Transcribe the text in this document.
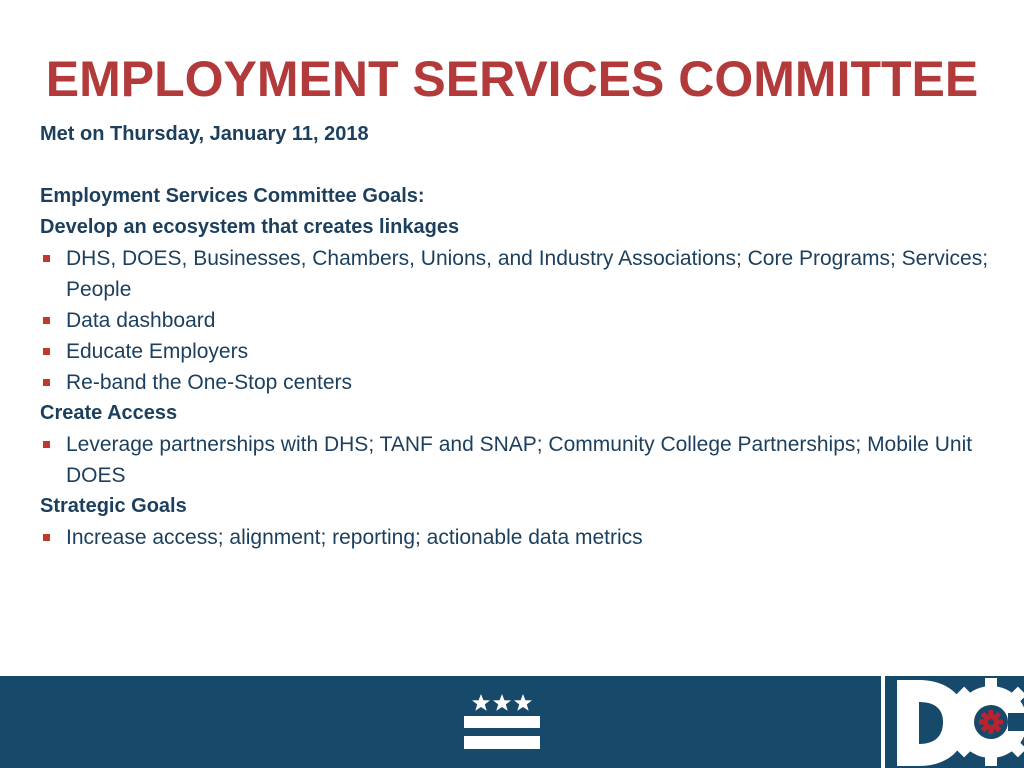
EMPLOYMENT SERVICES COMMITTEE
Met on Thursday, January 11, 2018
Employment Services Committee Goals:
Develop an ecosystem that creates linkages
DHS, DOES, Businesses, Chambers, Unions, and Industry Associations; Core Programs; Services; People
Data dashboard
Educate Employers
Re-band the One-Stop centers
Create Access
Leverage partnerships with DHS; TANF and SNAP; Community College Partnerships; Mobile Unit DOES
Strategic Goals
Increase access; alignment; reporting; actionable data metrics
